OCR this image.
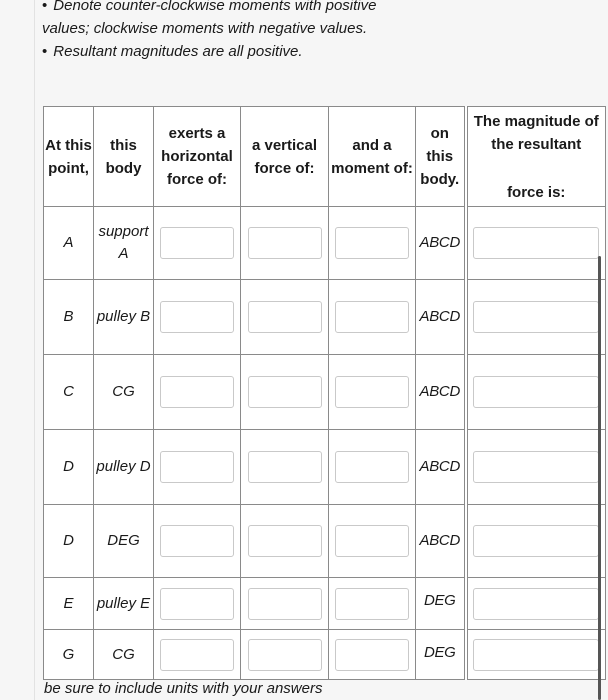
• Denote counter-clockwise moments with positive values; clockwise moments with negative values.
• Resultant magnitudes are all positive.
At this point,	this body	exerts a horizontal force of:	a vertical force of:	and a moment of:	on this body.	The magnitude of the resultant
force is:

A	support A				ABCD	

B	pulley B				ABCD	

C	CG				ABCD	

D	pulley D				ABCD	

D	DEG				ABCD	

E	pulley E				DEG	

G	CG				DEG	
be sure to include units with your answers
